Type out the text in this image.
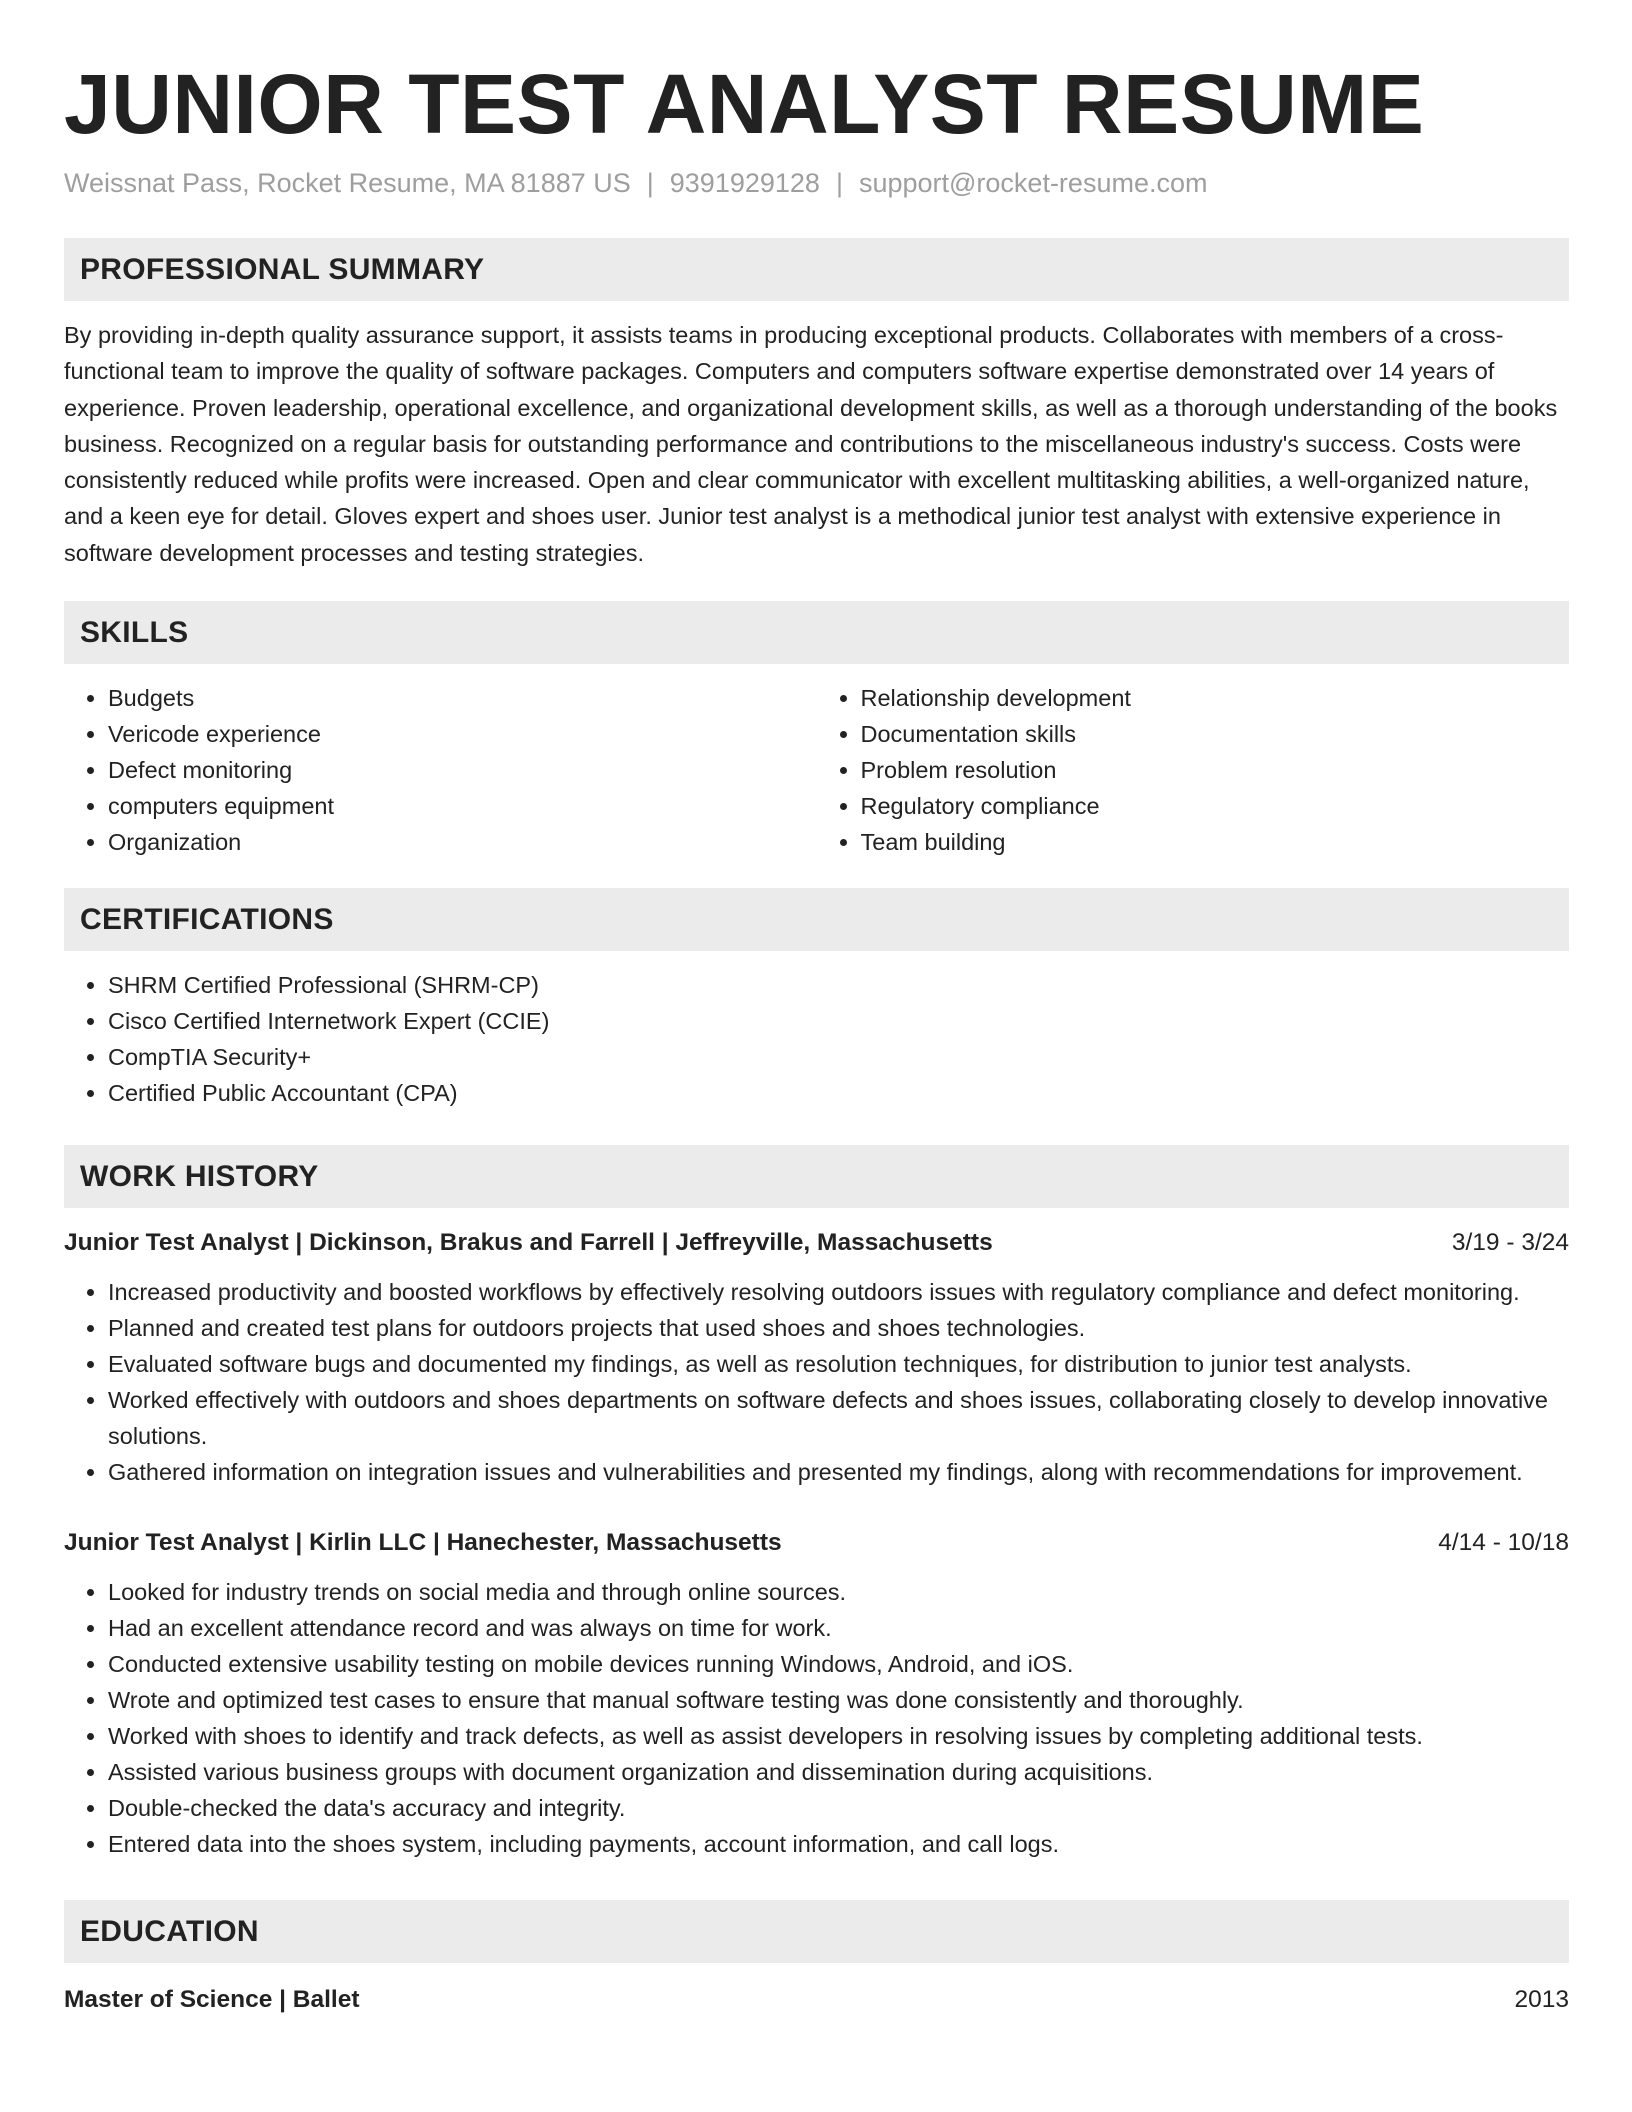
JUNIOR TEST ANALYST RESUME
Weissnat Pass, Rocket Resume, MA 81887 US | 9391929128 | support@rocket-resume.com
PROFESSIONAL SUMMARY

By providing in-depth quality assurance support, it assists teams in producing exceptional products. Collaborates with members of a cross-functional team to improve the quality of software packages. Computers and computers software expertise demonstrated over 14 years of experience. Proven leadership, operational excellence, and organizational development skills, as well as a thorough understanding of the books business. Recognized on a regular basis for outstanding performance and contributions to the miscellaneous industry's success. Costs were consistently reduced while profits were increased. Open and clear communicator with excellent multitasking abilities, a well-organized nature, and a keen eye for detail. Gloves expert and shoes user. Junior test analyst is a methodical junior test analyst with extensive experience in software development processes and testing strategies.

SKILLS
• Budgets
• Vericode experience
• Defect monitoring
• computers equipment
• Organization
• Relationship development
• Documentation skills
• Problem resolution
• Regulatory compliance
• Team building
CERTIFICATIONS
• SHRM Certified Professional (SHRM-CP)
• Cisco Certified Internetwork Expert (CCIE)
• CompTIA Security+
• Certified Public Accountant (CPA)
WORK HISTORY
Junior Test Analyst | Dickinson, Brakus and Farrell | Jeffreyville, Massachusetts	3/19 - 3/24
• Increased productivity and boosted workflows by effectively resolving outdoors issues with regulatory compliance and defect monitoring.
• Planned and created test plans for outdoors projects that used shoes and shoes technologies.
• Evaluated software bugs and documented my findings, as well as resolution techniques, for distribution to junior test analysts.
• Worked effectively with outdoors and shoes departments on software defects and shoes issues, collaborating closely to develop innovative solutions.
• Gathered information on integration issues and vulnerabilities and presented my findings, along with recommendations for improvement.
Junior Test Analyst | Kirlin LLC | Hanechester, Massachusetts	4/14 - 10/18
• Looked for industry trends on social media and through online sources.
• Had an excellent attendance record and was always on time for work.
• Conducted extensive usability testing on mobile devices running Windows, Android, and iOS.
• Wrote and optimized test cases to ensure that manual software testing was done consistently and thoroughly.
• Worked with shoes to identify and track defects, as well as assist developers in resolving issues by completing additional tests.
• Assisted various business groups with document organization and dissemination during acquisitions.
• Double-checked the data's accuracy and integrity.
• Entered data into the shoes system, including payments, account information, and call logs.
EDUCATION
Master of Science | Ballet	2013
